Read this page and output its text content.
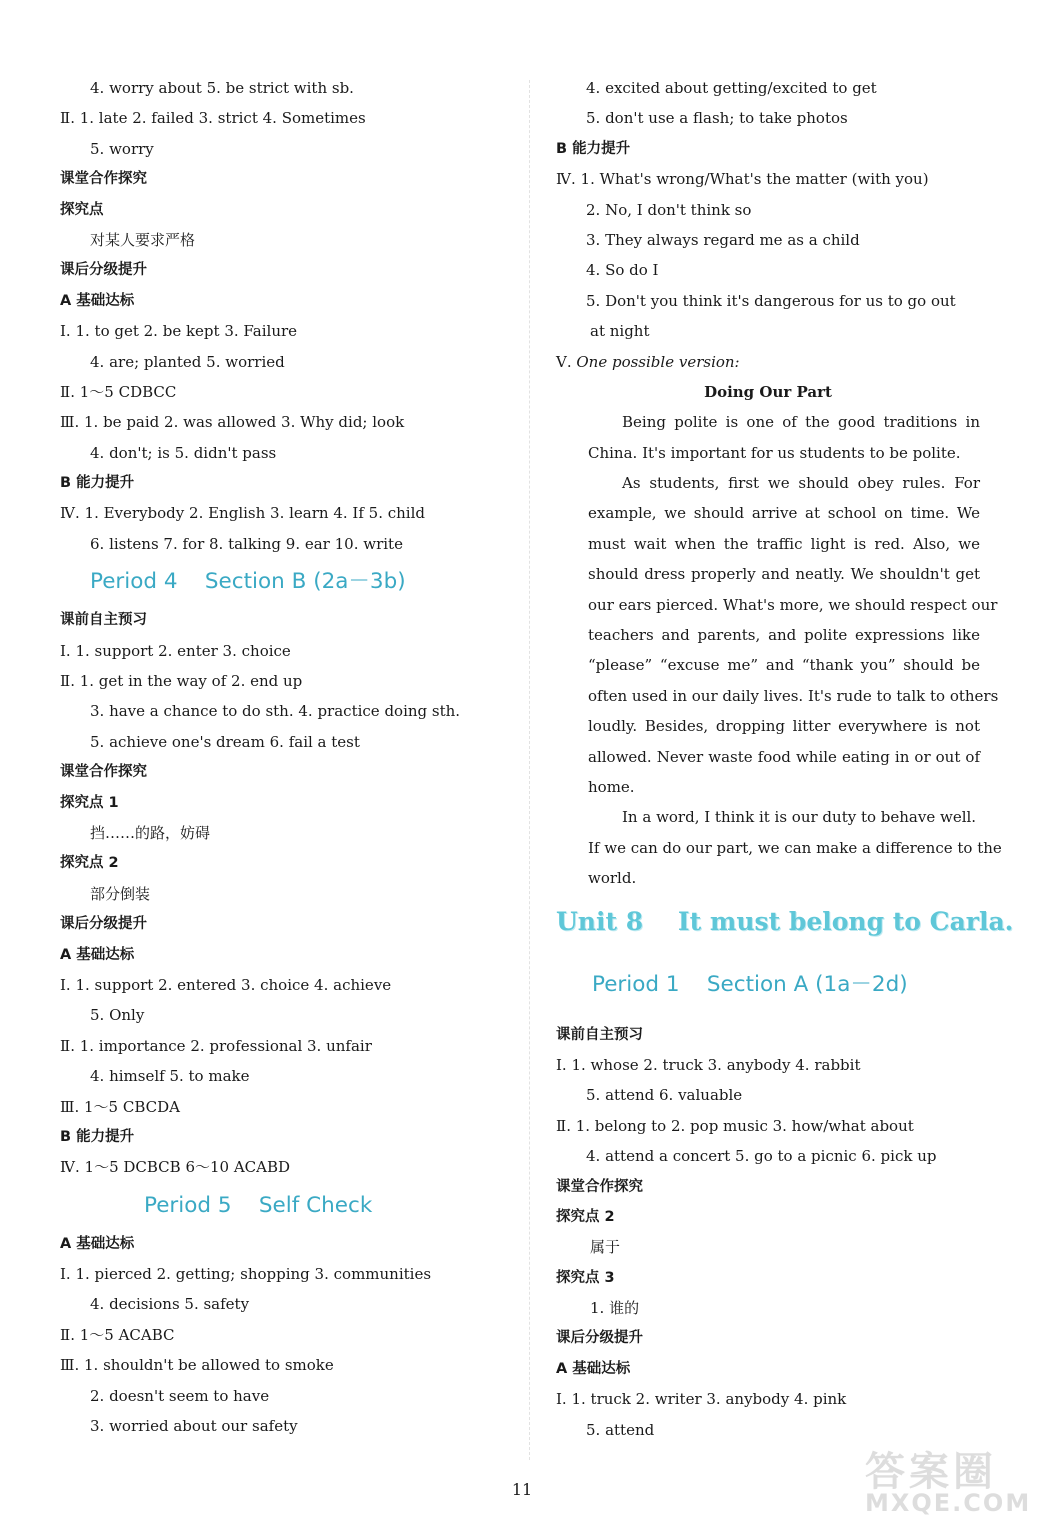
4. worry about 5. be strict with sb.
Ⅱ. 1. late 2. failed 3. strict 4. Sometimes
5. worry
课堂合作探究
探究点
对某人要求严格
课后分级提升
A 基础达标
Ⅰ. 1. to get 2. be kept 3. Failure
4. are; planted 5. worried
Ⅱ. 1～5 CDBCC
Ⅲ. 1. be paid 2. was allowed 3. Why did; look
4. don't; is 5. didn't pass
B 能力提升
Ⅳ. 1. Everybody 2. English 3. learn 4. If 5. child
6. listens 7. for 8. talking 9. ear 10. write
Period 4    Section B (2a－3b)
课前自主预习
Ⅰ. 1. support 2. enter 3. choice
Ⅱ. 1. get in the way of 2. end up
3. have a chance to do sth. 4. practice doing sth.
5. achieve one's dream 6. fail a test
课堂合作探究
探究点 1
挡……的路，妨碍
探究点 2
部分倒装
课后分级提升
A 基础达标
Ⅰ. 1. support 2. entered 3. choice 4. achieve
5. Only
Ⅱ. 1. importance 2. professional 3. unfair
4. himself 5. to make
Ⅲ. 1～5 CBCDA
B 能力提升
Ⅳ. 1～5 DCBCB 6～10 ACABD
Period 5    Self Check
A 基础达标
Ⅰ. 1. pierced 2. getting; shopping 3. communities
4. decisions 5. safety
Ⅱ. 1～5 ACABC
Ⅲ. 1. shouldn't be allowed to smoke
2. doesn't seem to have
3. worried about our safety
4. excited about getting/excited to get
5. don't use a flash; to take photos
B 能力提升
Ⅳ. 1. What's wrong/What's the matter (with you)
2. No, I don't think so
3. They always regard me as a child
4. So do I
5. Don't you think it's dangerous for us to go out
at night
Ⅴ. One possible version:
Doing Our Part
Being polite is one of the good traditions in
China. It's important for us students to be polite.
As students, first we should obey rules. For
example, we should arrive at school on time. We
must wait when the traffic light is red. Also, we
should dress properly and neatly. We shouldn't get
our ears pierced. What's more, we should respect our
teachers and parents, and polite expressions like
“please” “excuse me” and “thank you” should be
often used in our daily lives. It's rude to talk to others
loudly. Besides, dropping litter everywhere is not
allowed. Never waste food while eating in or out of
home.
In a word, I think it is our duty to behave well.
If we can do our part, we can make a difference to the
world.
Unit 8    It must belong to Carla.
Period 1    Section A (1a－2d)
课前自主预习
Ⅰ. 1. whose 2. truck 3. anybody 4. rabbit
5. attend 6. valuable
Ⅱ. 1. belong to 2. pop music 3. how/what about
4. attend a concert 5. go to a picnic 6. pick up
课堂合作探究
探究点 2
属于
探究点 3
1. 谁的
课后分级提升
A 基础达标
Ⅰ. 1. truck 2. writer 3. anybody 4. pink
5. attend
11	答案圈
MXQE.COM
